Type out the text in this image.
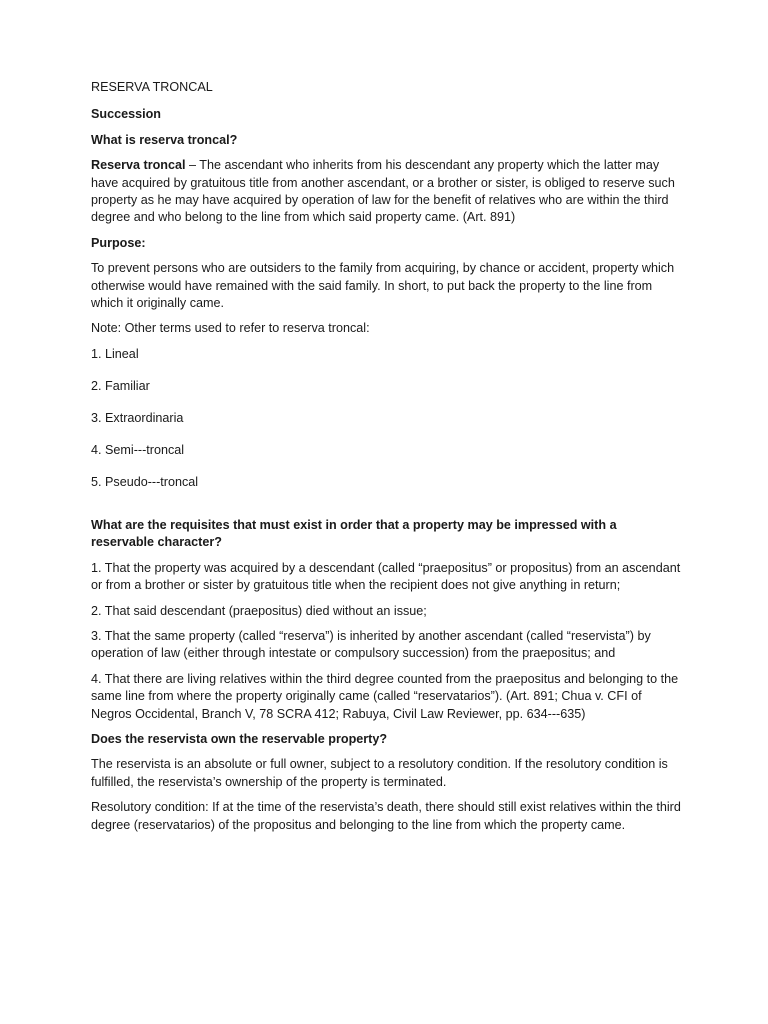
RESERVA TRONCAL

Succession

What is reserva troncal?

Reserva troncal – The ascendant who inherits from his descendant any property which the latter may have acquired by gratuitous title from another ascendant, or a brother or sister, is obliged to reserve such property as he may have acquired by operation of law for the benefit of relatives who are within the third degree and who belong to the line from which said property came. (Art. 891)

Purpose:

To prevent persons who are outsiders to the family from acquiring, by chance or accident, property which otherwise would have remained with the said family. In short, to put back the property to the line from which it originally came.

Note: Other terms used to refer to reserva troncal:

1. Lineal

2. Familiar

3. Extraordinaria

4. Semi---troncal

5. Pseudo---troncal

What are the requisites that must exist in order that a property may be impressed with a reservable character?

1. That the property was acquired by a descendant (called “praepositus” or propositus) from an ascendant or from a brother or sister by gratuitous title when the recipient does not give anything in return;

2. That said descendant (praepositus) died without an issue;

3. That the same property (called “reserva”) is inherited by another ascendant (called “reservista”) by operation of law (either through intestate or compulsory succession) from the praepositus; and

4. That there are living relatives within the third degree counted from the praepositus and belonging to the same line from where the property originally came (called “reservatarios”). (Art. 891; Chua v. CFI of Negros Occidental, Branch V, 78 SCRA 412; Rabuya, Civil Law Reviewer, pp. 634---635)

Does the reservista own the reservable property?

The reservista is an absolute or full owner, subject to a resolutory condition. If the resolutory condition is fulfilled, the reservista’s ownership of the property is terminated.

Resolutory condition: If at the time of the reservista’s death, there should still exist relatives within the third degree (reservatarios) of the propositus and belonging to the line from which the property came.
